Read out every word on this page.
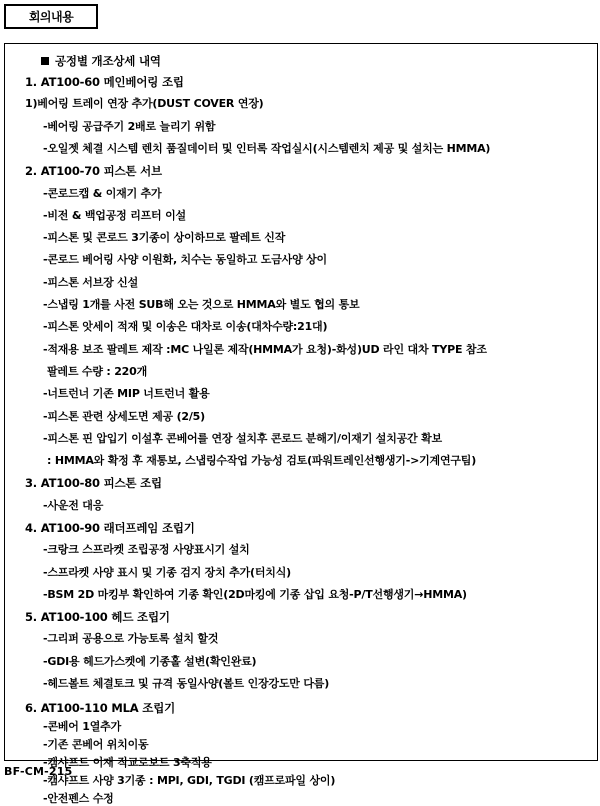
회의내용
공정별 개조상세 내역
1. AT100-60 메인베어링 조립
1)베어링 트레이 연장 추가(DUST COVER 연장)
-베어링 공급주기 2배로 늘리기 위함
-오일젯 체결 시스템 렌치 품질데이터 및 인터록 작업실시(시스템렌치 제공 및 설치는 HMMA)
2. AT100-70 피스톤 서브
-콘로드캡 & 이재기 추가
-비전 & 백업공정 리프터 이설
-피스톤 및 콘로드 3기종이 상이하므로 팔레트 신작
-콘로드 베어링 사양 이원화, 치수는 동일하고 도금사양 상이
-피스톤 서브장 신설
-스냅링 1개를 사전 SUB해 오는 것으로 HMMA와 별도 협의 통보
-피스톤 앗세이 적재 및 이송은 대차로 이송(대차수량:21대)
-적재용 보조 팔레트 제작 :MC 나일론 제작(HMMA가 요청)-화성)UD 라인 대차 TYPE 참조
팔레트 수량 : 220개
-너트런너 기존 MIP 너트런너 활용
-피스톤 관련 상세도면 제공 (2/5)
-피스톤 핀 압입기 이설후 콘베어를 연장 설치후 콘로드 분해기/이재기 설치공간 확보
: HMMA와 확정 후 재통보, 스냅링수작업 가능성 검토(파워트레인선행생기->기계연구팀)
3. AT100-80 피스톤 조립
-사운전 대응
4. AT100-90 래더프레임 조립기
-크랑크 스프라켓 조립공정 사양표시기 설치
-스프라켓 사양 표시 및 기종 검지 장치 추가(터치식)
-BSM 2D 마킹부 확인하여 기종 확인(2D마킹에 기종 삽입 요청-P/T선행생기→HMMA)
5. AT100-100 헤드 조립기
-그리퍼 공용으로 가능토록 설치 할것
-GDI용 헤드가스켓에 기종홀 설변(확인완료)
-헤드볼트 체결토크 및 규격 동일사양(볼트 인장강도만 다름)
6. AT100-110 MLA 조립기
-콘베어 1열추가
-기존 콘베어 위치이동
-캠샤프트 이재 직교로보트 3축적용
-캠샤프트 사양 3기종 : MPI, GDI, TGDI (캠프로파일 상이)
-안전펜스 수정
BF-CM-215
